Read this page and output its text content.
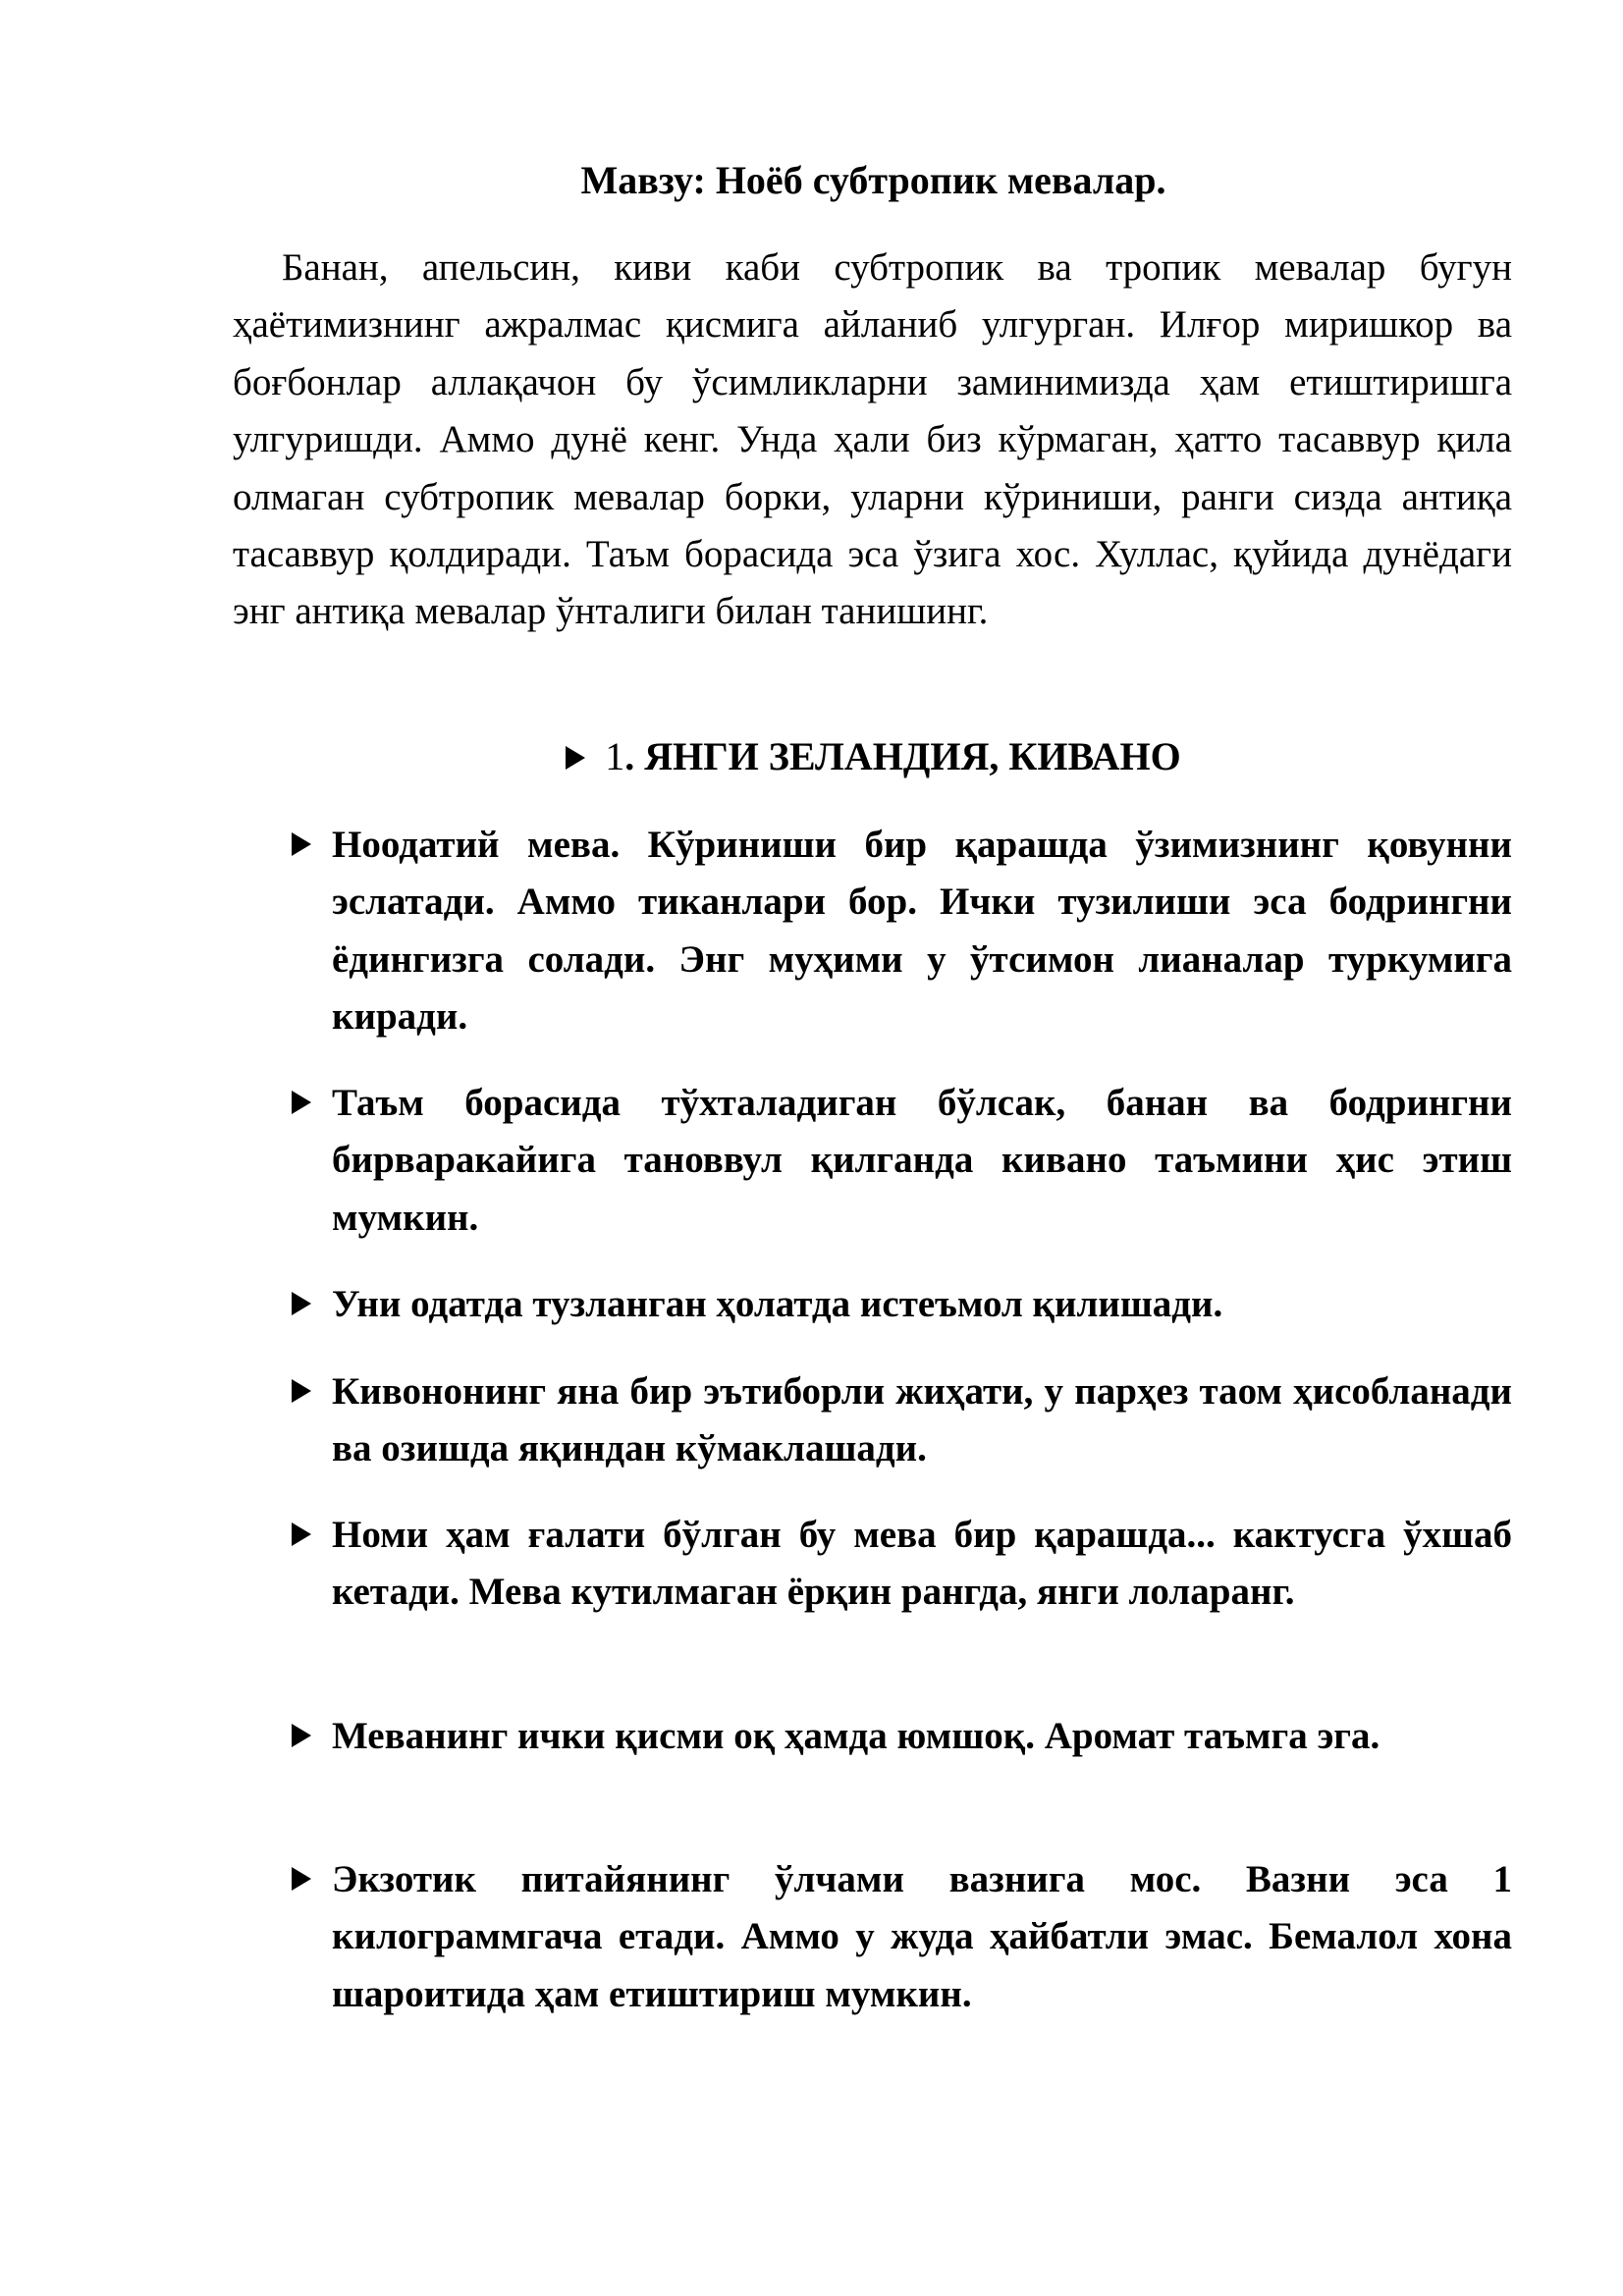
Мавзу: Ноёб субтропик мевалар.

Банан, апельсин, киви каби субтропик ва тропик мевалар бугун ҳаётимизнинг ажралмас қисмига айланиб улгурган. Илғор миришкор ва боғбонлар аллақачон бу ўсимликларни заминимизда ҳам етиштиришга улгуришди. Аммо дунё кенг. Унда ҳали биз кўрмаган, ҳатто тасаввур қила олмаган субтропик мевалар борки, уларни кўриниши, ранги сизда антиқа тасаввур қолдиради. Таъм борасида эса ўзига хос. Хуллас, қуйида дунёдаги энг антиқа мевалар ўнталиги билан танишинг.

1. ЯНГИ ЗЕЛАНДИЯ, КИВАНО
Ноодатий мева. Кўриниши бир қарашда ўзимизнинг қовунни эслатади. Аммо тиканлари бор. Ички тузилиши эса бодрингни ёдингизга солади. Энг муҳими у ўтсимон лианалар туркумига киради.
Таъм борасида тўхталадиган бўлсак, банан ва бодрингни бирваракайига тановвул қилганда кивано таъмини ҳис этиш мумкин.
Уни одатда тузланган ҳолатда истеъмол қилишади.
Кивононинг яна бир эътиборли жиҳати, у парҳез таом ҳисобланади ва озишда яқиндан кўмаклашади.
Номи ҳам ғалати бўлган бу мева бир қарашда... кактусга ўхшаб кетади. Мева кутилмаган ёрқин рангда, янги лоларанг.
Меванинг ички қисми оқ ҳамда юмшоқ. Аромат таъмга эга.
Экзотик питайянинг ўлчами вазнига мос. Вазни эса 1 килограммгача етади. Аммо у жуда ҳайбатли эмас. Бемалол хона шароитида ҳам етиштириш мумкин.
